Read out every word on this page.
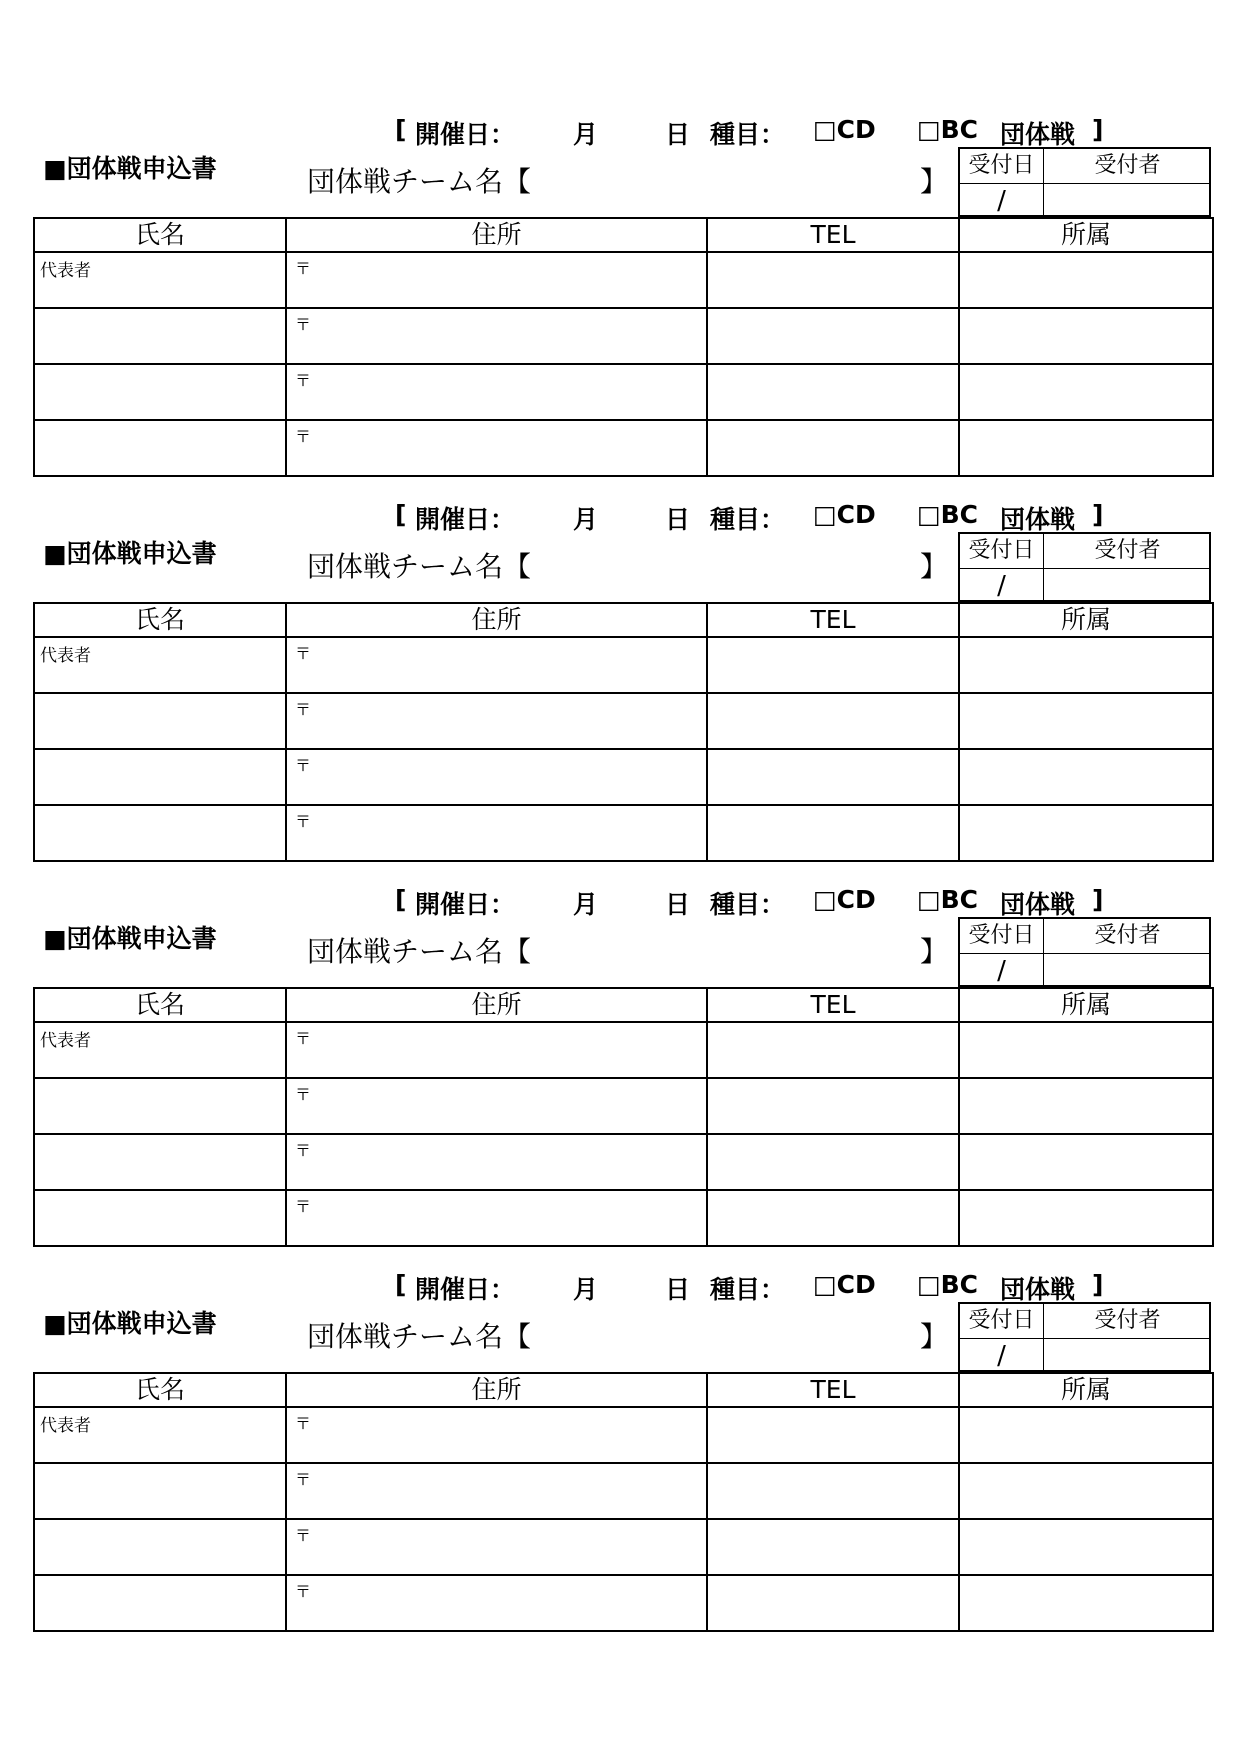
[ 開催日： 月	日 種目： □CD □BC 団体戦 ]
■団体戦申込書	団体戦チーム名【	】 受付日	受付者
/
氏名	住所	TEL	所属

代表者	〒		

	〒		

	〒		

	〒		

[ 開催日： 月	日 種目： □CD □BC 団体戦 ]
■団体戦申込書	団体戦チーム名【	】 受付日	受付者
/
氏名	住所	TEL	所属

代表者	〒		

	〒		

	〒		

	〒		

[ 開催日： 月	日 種目： □CD □BC 団体戦 ]
■団体戦申込書	団体戦チーム名【	】 受付日	受付者
/
氏名	住所	TEL	所属

代表者	〒		

	〒		

	〒		

	〒		

[ 開催日： 月	日 種目： □CD □BC 団体戦 ]
■団体戦申込書	団体戦チーム名【	】 受付日	受付者
/
氏名	住所	TEL	所属

代表者	〒		

	〒		

	〒		

	〒		
